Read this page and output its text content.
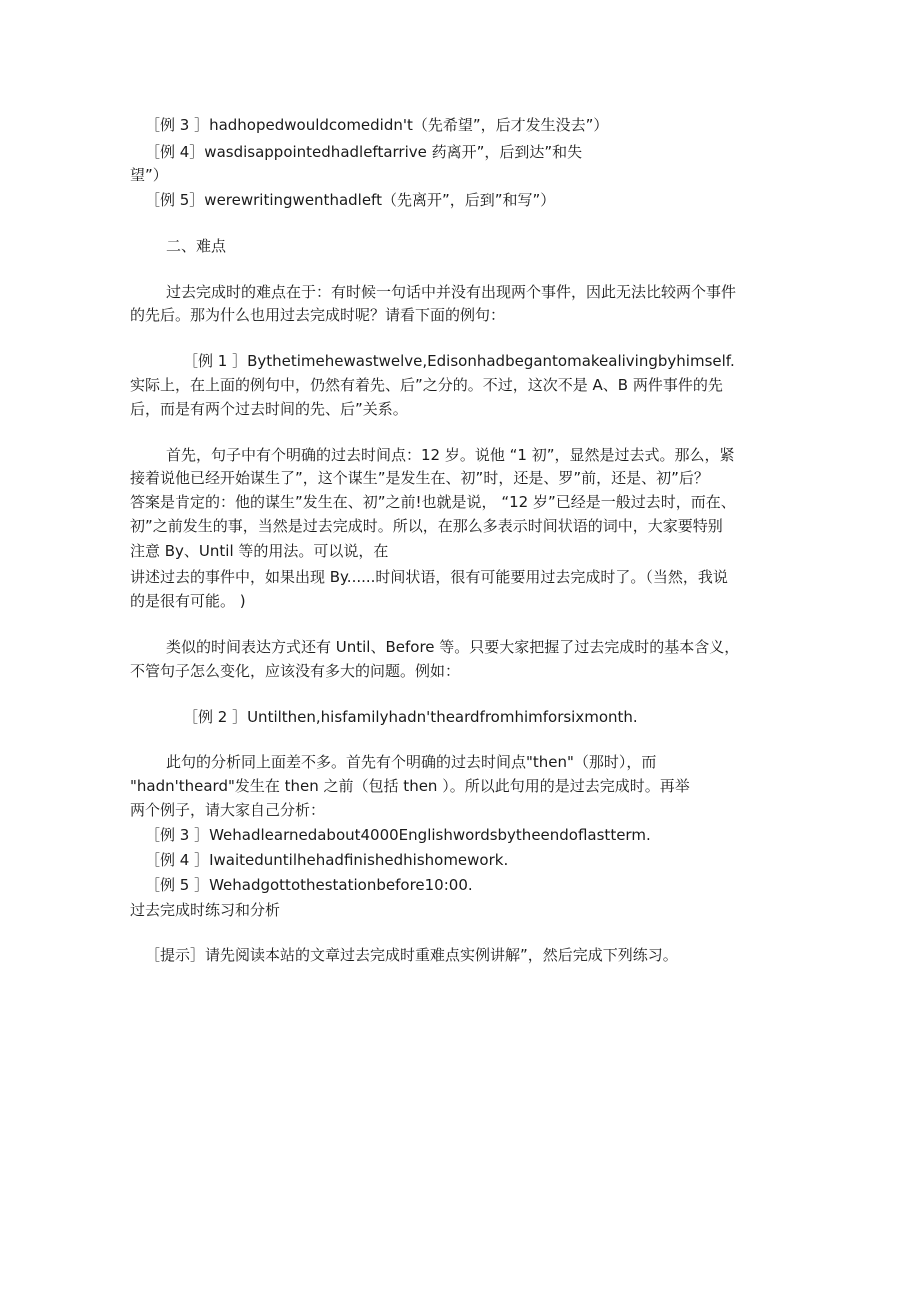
［例 3 ］hadhopedwouldcomedidn't（先希望”，后才发生没去”）
［例 4］wasdisappointedhadleftarrive 药离开”，后到达”和失
望”）
［例 5］werewritingwenthadleft（先离开”，后到”和写”）
二、难点
过去完成时的难点在于：有时候一句话中并没有出现两个事件，因此无法比较两个事件
的先后。那为什么也用过去完成时呢？请看下面的例句：
［例 1 ］Bythetimehewastwelve,Edisonhadbegantomakealivingbyhimself.
实际上，在上面的例句中，仍然有着先、后”之分的。不过，这次不是 A、B 两件事件的先
后，而是有两个过去时间的先、后”关系。
首先，句子中有个明确的过去时间点：12 岁。说他 “1 初”，显然是过去式。那么，紧
接着说他已经开始谋生了”，这个谋生”是发生在、初”时，还是、罗”前，还是、初”后？
答案是肯定的：他的谋生”发生在、初”之前!也就是说， “12 岁”已经是一般过去时，而在、
初”之前发生的事，当然是过去完成时。所以，在那么多表示时间状语的词中，大家要特别
注意 By、Until 等的用法。可以说，在
讲述过去的事件中，如果出现 By......时间状语，很有可能要用过去完成时了。（当然，我说
的是很有可能。 )
类似的时间表达方式还有 Until、Before 等。只要大家把握了过去完成时的基本含义，
不管句子怎么变化，应该没有多大的问题。例如：
［例 2 ］Untilthen,hisfamilyhadn'theardfromhimforsixmonth.
此句的分析同上面差不多。首先有个明确的过去时间点"then"（那时），而
"hadn'theard"发生在 then 之前（包括 then ）。所以此句用的是过去完成时。再举
两个例子，请大家自己分析：
［例 3 ］Wehadlearnedabout4000Englishwordsbytheendoflastterm.
［例 4 ］Iwaiteduntilhehadfinishedhishomework.
［例 5 ］Wehadgottothestationbefore10:00.
过去完成时练习和分析
［提示］请先阅读本站的文章过去完成时重难点实例讲解”，然后完成下列练习。
